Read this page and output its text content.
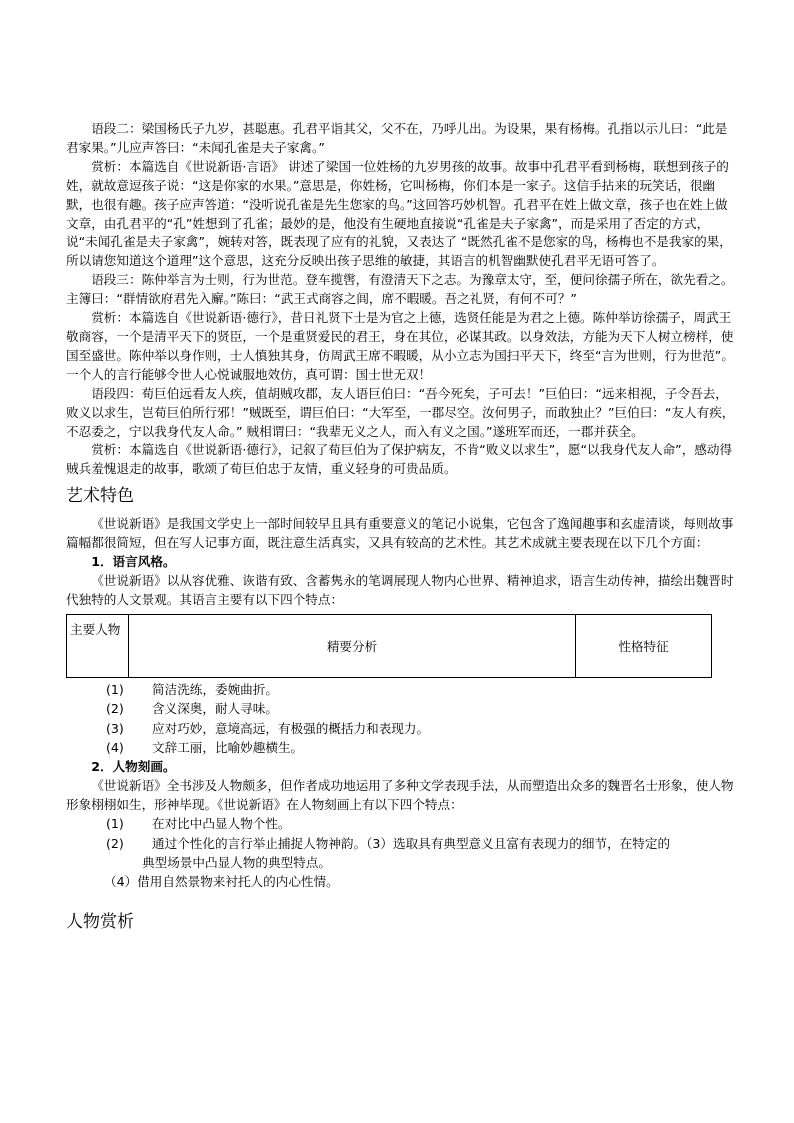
语段二：梁国杨氏子九岁，甚聪惠。孔君平诣其父，父不在，乃呼儿出。为设果，果有杨梅。孔指以示儿曰：“此是君家果。”儿应声答曰：“未闻孔雀是夫子家禽。”

赏析：本篇选自《世说新语·言语》 讲述了梁国一位姓杨的九岁男孩的故事。故事中孔君平看到杨梅，联想到孩子的姓，就故意逗孩子说：“这是你家的水果。”意思是，你姓杨，它叫杨梅，你们本是一家子。这信手拈来的玩笑话，很幽默，也很有趣。孩子应声答道：“没听说孔雀是先生您家的鸟。”这回答巧妙机智。孔君平在姓上做文章，孩子也在姓上做文章，由孔君平的“孔”姓想到了孔雀；最妙的是，他没有生硬地直接说“孔雀是夫子家禽”，而是采用了否定的方式，说“未闻孔雀是夫子家禽”，婉转对答，既表现了应有的礼貌，又表达了 “既然孔雀不是您家的鸟，杨梅也不是我家的果，所以请您知道这个道理”这个意思，这充分反映出孩子思维的敏捷，其语言的机智幽默使孔君平无语可答了。

语段三：陈仲举言为士则，行为世范。登车揽辔，有澄清天下之志。为豫章太守，至，便问徐孺子所在，欲先看之。主簿曰：“群情欲府君先入廨。”陈曰：“武王式商容之闾，席不暇暖。吾之礼贤，有何不可？”

赏析：本篇选自《世说新语·德行》，昔日礼贤下士是为官之上德，选贤任能是为君之上德。陈仲举访徐孺子，周武王敬商容，一个是清平天下的贤臣，一个是重贤爱民的君王，身在其位，必谋其政。以身效法，方能为天下人树立榜样，使国至盛世。陈仲举以身作则，士人慎独其身，仿周武王席不暇暖，从小立志为国扫平天下，终至“言为世则，行为世范”。一个人的言行能够令世人心悦诚服地效仿，真可谓：国士世无双！

语段四：荀巨伯远看友人疾，值胡贼攻郡，友人语巨伯曰：“吾今死矣，子可去！”巨伯曰：“远来相视，子令吾去，败义以求生，岂荀巨伯所行邪！”贼既至，谓巨伯曰：“大军至，一郡尽空。汝何男子，而敢独止？”巨伯曰：“友人有疾，不忍委之，宁以我身代友人命。” 贼相谓曰：“我辈无义之人，而入有义之国。”遂班军而还，一郡并获全。

赏析：本篇选自《世说新语·德行》，记叙了荀巨伯为了保护病友，不肯“败义以求生”，愿“以我身代友人命”，感动得贼兵羞愧退走的故事，歌颂了荀巨伯忠于友情，重义轻身的可贵品质。

艺术特色

《世说新语》是我国文学史上一部时间较早且具有重要意义的笔记小说集，它包含了逸闻趣事和玄虚清谈，每则故事篇幅都很简短，但在写人记事方面，既注意生活真实，又具有较高的艺术性。其艺术成就主要表现在以下几个方面：

1．语言风格。

《世说新语》以从容优雅、诙谐有致、含蓄隽永的笔调展现人物内心世界、精神追求，语言生动传神，描绘出魏晋时代独特的人文景观。其语言主要有以下四个特点：

主要人物	精要分析	性格特征
(1)	简洁洗练，委婉曲折。
(2)	含义深奥，耐人寻味。
(3)	应对巧妙，意境高远，有极强的概括力和表现力。
(4)	文辞工丽，比喻妙趣横生。

2．人物刻画。

《世说新语》全书涉及人物颇多，但作者成功地运用了多种文学表现手法，从而塑造出众多的魏晋名士形象，使人物形象栩栩如生，形神毕现。《世说新语》在人物刻画上有以下四个特点：

(1)	在对比中凸显人物个性。
(2)	通过个性化的言行举止捕捉人物神韵。（3）选取具有典型意义且富有表现力的细节，在特定的
典型场景中凸显人物的典型特点。
（4）借用自然景物来衬托人的内心性情。
人物赏析
